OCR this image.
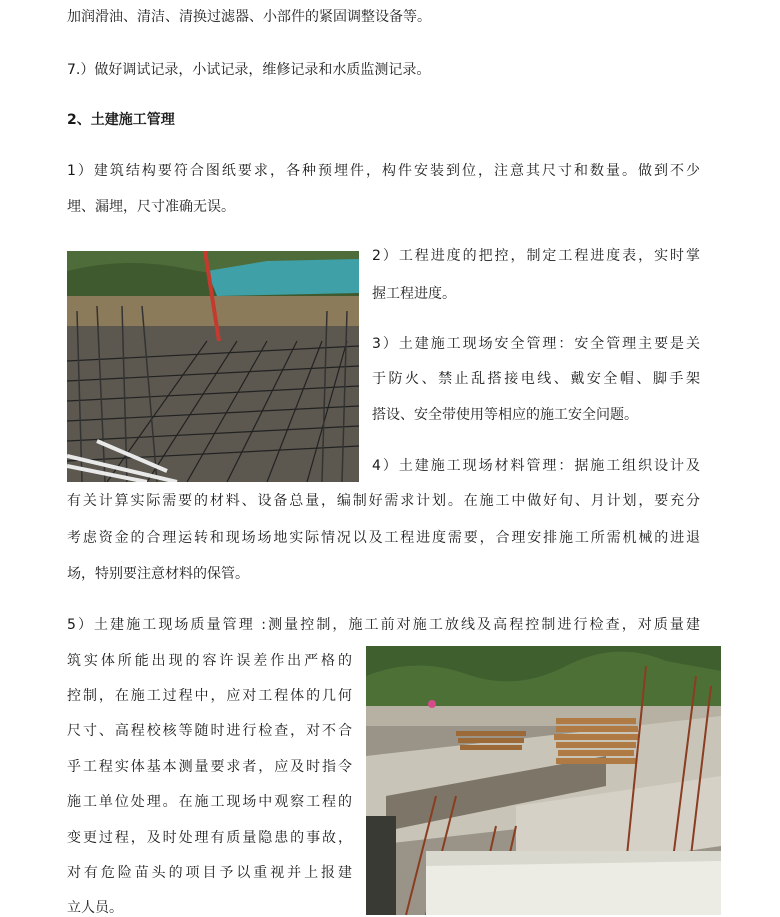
加润滑油、清洁、清换过滤器、小部件的紧固调整设备等。
7.）做好调试记录，小试记录，维修记录和水质监测记录。
2、土建施工管理
1）建筑结构要符合图纸要求，各种预埋件，构件安装到位，注意其尺寸和数量。做到不少
埋、漏埋，尺寸准确无误。
2）工程进度的把控，制定工程进度表，实时掌
握工程进度。
3）土建施工现场安全管理：安全管理主要是关
于防火、禁止乱搭接电线、戴安全帽、脚手架
搭设、安全带使用等相应的施工安全问题。
4）土建施工现场材料管理：据施工组织设计及
有关计算实际需要的材料、设备总量，编制好需求计划。在施工中做好旬、月计划，要充分
考虑资金的合理运转和现场场地实际情况以及工程进度需要，合理安排施工所需机械的进退
场，特别要注意材料的保管。
5）土建施工现场质量管理 :测量控制，施工前对施工放线及高程控制进行检查，对质量建
筑实体所能出现的容许误差作出严格的
控制，在施工过程中，应对工程体的几何
尺寸、高程校核等随时进行检查，对不合
乎工程实体基本测量要求者，应及时指令
施工单位处理。在施工现场中观察工程的
变更过程，及时处理有质量隐患的事故，
对有危险苗头的项目予以重视并上报建
立人员。
